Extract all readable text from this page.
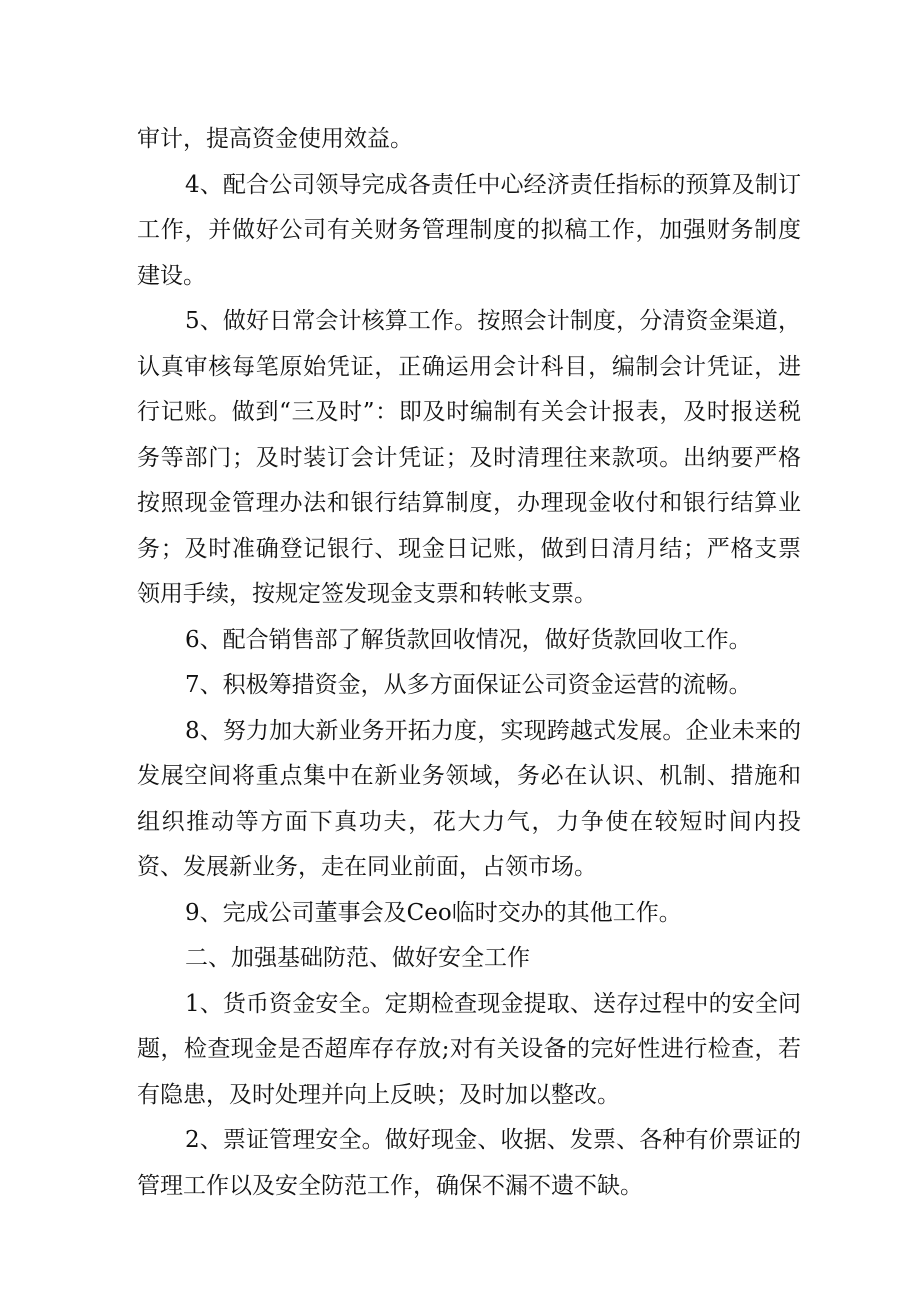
审计，提高资金使用效益。

4、配合公司领导完成各责任中心经济责任指标的预算及制订工作，并做好公司有关财务管理制度的拟稿工作，加强财务制度建设。

5、做好日常会计核算工作。按照会计制度，分清资金渠道，认真审核每笔原始凭证，正确运用会计科目，编制会计凭证，进行记账。做到“三及时”：即及时编制有关会计报表，及时报送税务等部门；及时装订会计凭证；及时清理往来款项。出纳要严格按照现金管理办法和银行结算制度，办理现金收付和银行结算业务；及时准确登记银行、现金日记账，做到日清月结；严格支票领用手续，按规定签发现金支票和转帐支票。

6、配合销售部了解货款回收情况，做好货款回收工作。

7、积极筹措资金，从多方面保证公司资金运营的流畅。

8、努力加大新业务开拓力度，实现跨越式发展。企业未来的发展空间将重点集中在新业务领域，务必在认识、机制、措施和组织推动等方面下真功夫，花大力气，力争使在较短时间内投资、发展新业务，走在同业前面，占领市场。

9、完成公司董事会及Ceo临时交办的其他工作。

二、加强基础防范、做好安全工作

1、货币资金安全。定期检查现金提取、送存过程中的安全问题，检查现金是否超库存存放;对有关设备的完好性进行检查，若有隐患，及时处理并向上反映；及时加以整改。

2、票证管理安全。做好现金、收据、发票、各种有价票证的管理工作以及安全防范工作，确保不漏不遗不缺。
